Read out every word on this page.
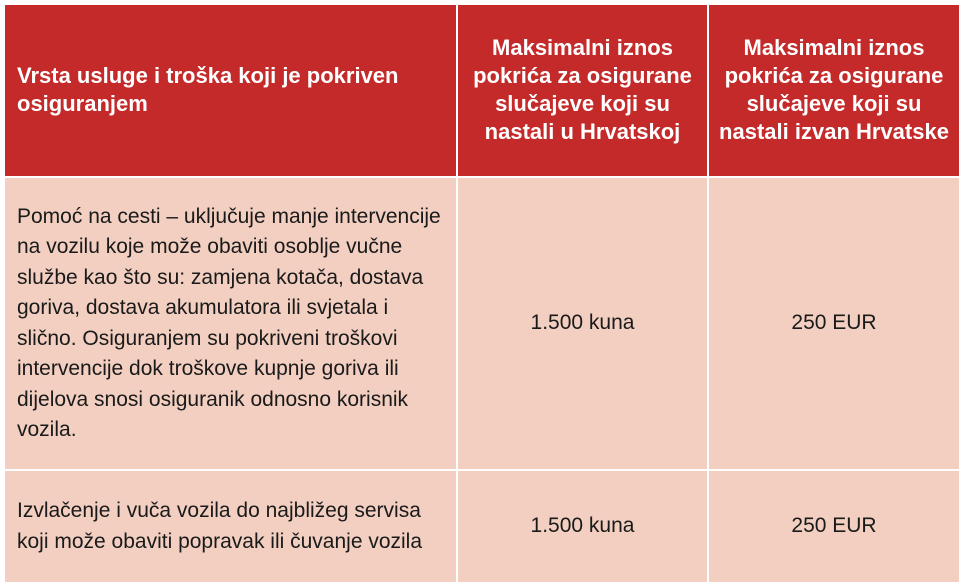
Vrsta usluge i troška koji je pokriven osiguranjem	Maksimalni iznos pokrića za osigurane slučajeve koji su nastali u Hrvatskoj	Maksimalni iznos pokrića za osigurane slučajeve koji su nastali izvan Hrvatske

Pomoć na cesti – uključuje manje intervencije na vozilu koje može obaviti osoblje vučne službe kao što su: zamjena kotača, dostava goriva, dostava akumulatora ili svjetala i slično. Osiguranjem su pokriveni troškovi intervencije dok troškove kupnje goriva ili dijelova snosi osiguranik odnosno korisnik vozila.	1.500 kuna	250 EUR

Izvlačenje i vuča vozila do najbližeg servisa koji može obaviti popravak ili čuvanje vozila	1.500 kuna	250 EUR
